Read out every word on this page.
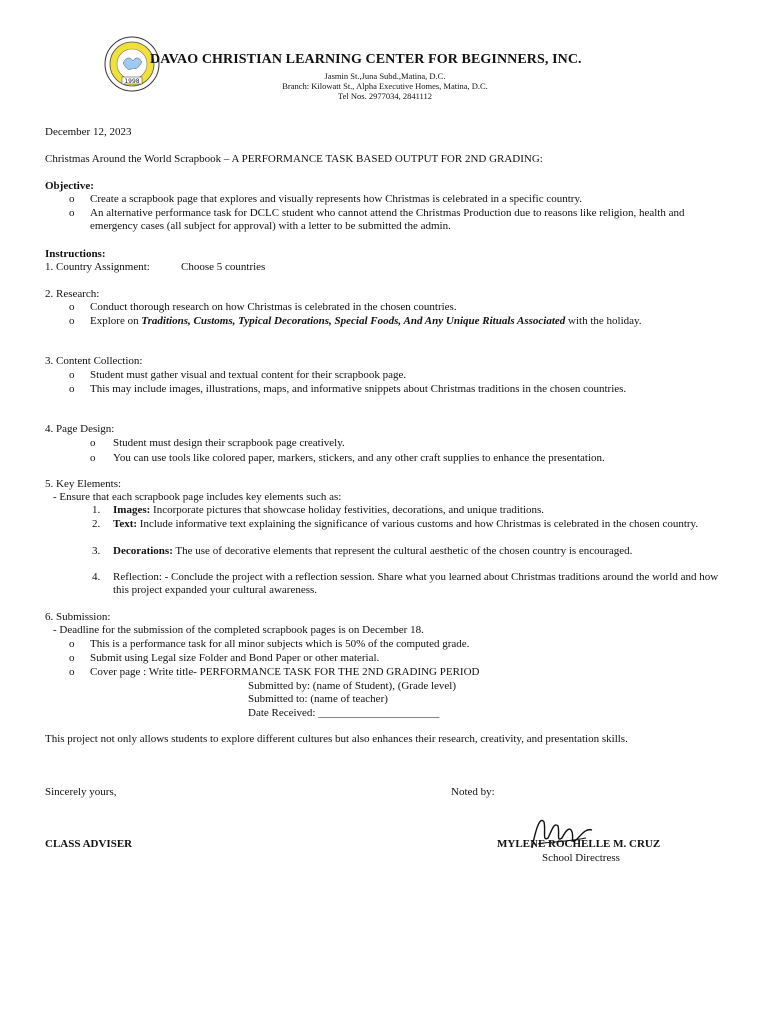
1998
DAVAO CHRISTIAN LEARNING CENTER FOR BEGINNERS, INC.
Jasmin St.,Juna Subd.,Matina, D.C.
Branch: Kilowatt St., Alpha Executive Homes, Matina, D.C.
Tel Nos. 2977034, 2841112
December 12, 2023
Christmas Around the World Scrapbook – A PERFORMANCE TASK BASED OUTPUT FOR 2ND GRADING:
Objective:
o Create a scrapbook page that explores and visually represents how Christmas is celebrated in a specific country.
o An alternative performance task for DCLC student who cannot attend the Christmas Production due to reasons like religion, health and emergency cases (all subject for approval) with a letter to be submitted the admin.
Instructions:
1. Country Assignment:	Choose 5 countries
2. Research:
o Conduct thorough research on how Christmas is celebrated in the chosen countries.
o Explore on Traditions, Customs, Typical Decorations, Special Foods, And Any Unique Rituals Associated with the holiday.
3. Content Collection:
o Student must gather visual and textual content for their scrapbook page.
o This may include images, illustrations, maps, and informative snippets about Christmas traditions in the chosen countries.
4. Page Design:
o Student must design their scrapbook page creatively.
o You can use tools like colored paper, markers, stickers, and any other craft supplies to enhance the presentation.
5. Key Elements:
- Ensure that each scrapbook page includes key elements such as:
1. Images: Incorporate pictures that showcase holiday festivities, decorations, and unique traditions.
2. Text: Include informative text explaining the significance of various customs and how Christmas is celebrated in the chosen country.
3. Decorations: The use of decorative elements that represent the cultural aesthetic of the chosen country is encouraged.
4. Reflection: - Conclude the project with a reflection session. Share what you learned about Christmas traditions around the world and how this project expanded your cultural awareness.
6. Submission:
- Deadline for the submission of the completed scrapbook pages is on December 18.
o This is a performance task for all minor subjects which is 50% of the computed grade.
o Submit using Legal size Folder and Bond Paper or other material.
o Cover page : Write title- PERFORMANCE TASK FOR THE 2ND GRADING PERIOD
Submitted by: (name of Student), (Grade level)
Submitted to: (name of teacher)
Date Received: ______________________
This project not only allows students to explore different cultures but also enhances their research, creativity, and presentation skills.
Sincerely yours,	Noted by:
CLASS ADVISER	MYLENE ROCHELLE M. CRUZ
School Directress
